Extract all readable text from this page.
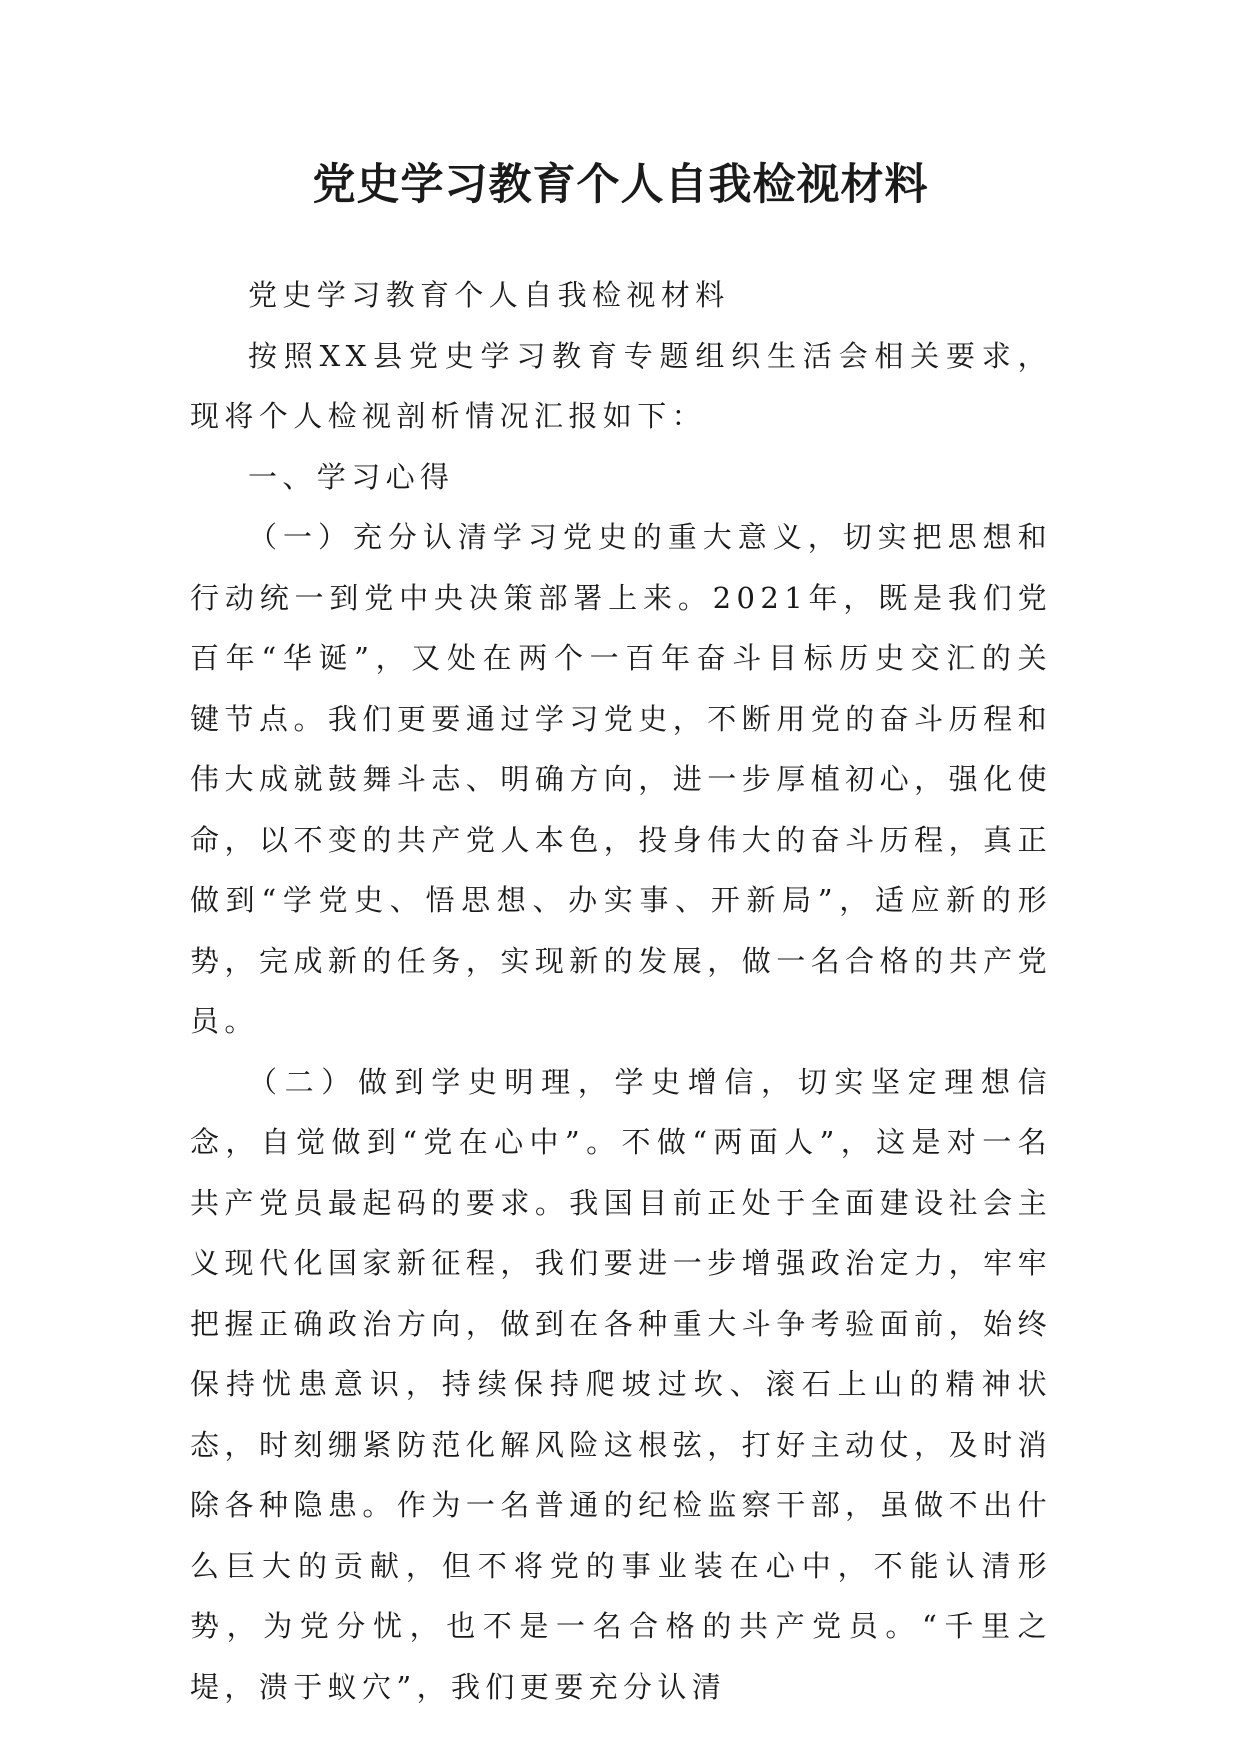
党史学习教育个人自我检视材料

党史学习教育个人自我检视材料

按照XX县党史学习教育专题组织生活会相关要求，现将个人检视剖析情况汇报如下：

一、学习心得

（一）充分认清学习党史的重大意义，切实把思想和行动统一到党中央决策部署上来。2021年，既是我们党百年“华诞”，又处在两个一百年奋斗目标历史交汇的关键节点。我们更要通过学习党史，不断用党的奋斗历程和伟大成就鼓舞斗志、明确方向，进一步厚植初心，强化使命，以不变的共产党人本色，投身伟大的奋斗历程，真正做到“学党史、悟思想、办实事、开新局”，适应新的形势，完成新的任务，实现新的发展，做一名合格的共产党员。

（二）做到学史明理，学史增信，切实坚定理想信念，自觉做到“党在心中”。不做“两面人”，这是对一名共产党员最起码的要求。我国目前正处于全面建设社会主义现代化国家新征程，我们要进一步增强政治定力，牢牢把握正确政治方向，做到在各种重大斗争考验面前，始终保持忧患意识，持续保持爬坡过坎、滚石上山的精神状态，时刻绷紧防范化解风险这根弦，打好主动仗，及时消除各种隐患。作为一名普通的纪检监察干部，虽做不出什么巨大的贡献，但不将党的事业装在心中，不能认清形势，为党分忧，也不是一名合格的共产党员。“千里之堤，溃于蚁穴”，我们更要充分认清
